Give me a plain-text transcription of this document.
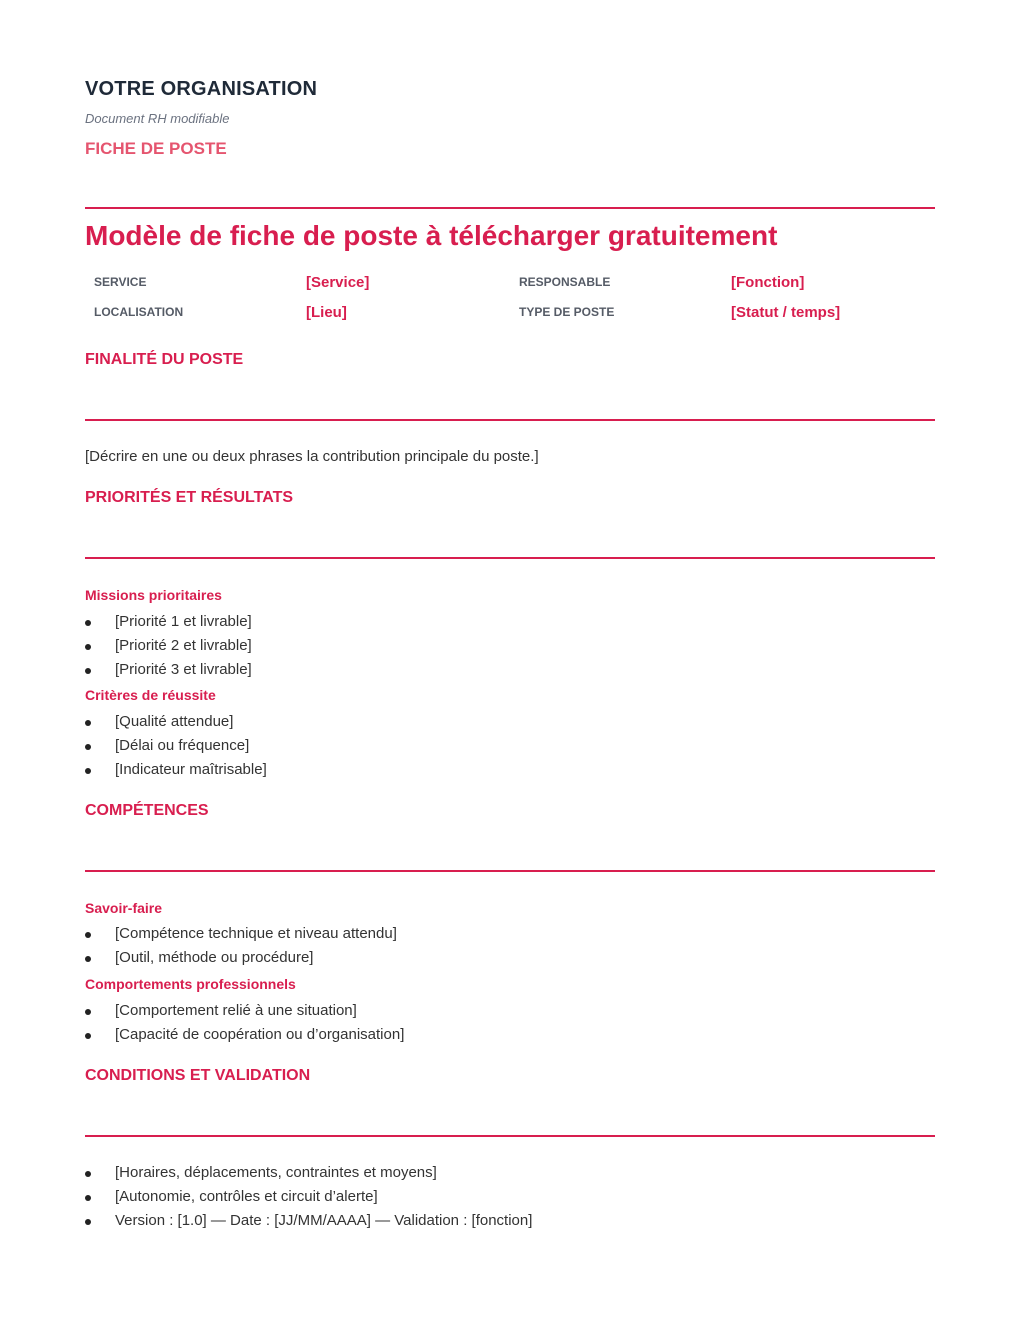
VOTRE ORGANISATION
Document RH modifiable
FICHE DE POSTE
Modèle de fiche de poste à télécharger gratuitement
SERVICE	[Service]	RESPONSABLE	[Fonction]
LOCALISATION	[Lieu]	TYPE DE POSTE	[Statut / temps]
FINALITÉ DU POSTE
[Décrire en une ou deux phrases la contribution principale du poste.]
PRIORITÉS ET RÉSULTATS
Missions prioritaires
[Priorité 1 et livrable]
[Priorité 2 et livrable]
[Priorité 3 et livrable]
Critères de réussite
[Qualité attendue]
[Délai ou fréquence]
[Indicateur maîtrisable]
COMPÉTENCES
Savoir-faire
[Compétence technique et niveau attendu]
[Outil, méthode ou procédure]
Comportements professionnels
[Comportement relié à une situation]
[Capacité de coopération ou d’organisation]
CONDITIONS ET VALIDATION
[Horaires, déplacements, contraintes et moyens]
[Autonomie, contrôles et circuit d’alerte]
Version : [1.0] — Date : [JJ/MM/AAAA] — Validation : [fonction]
